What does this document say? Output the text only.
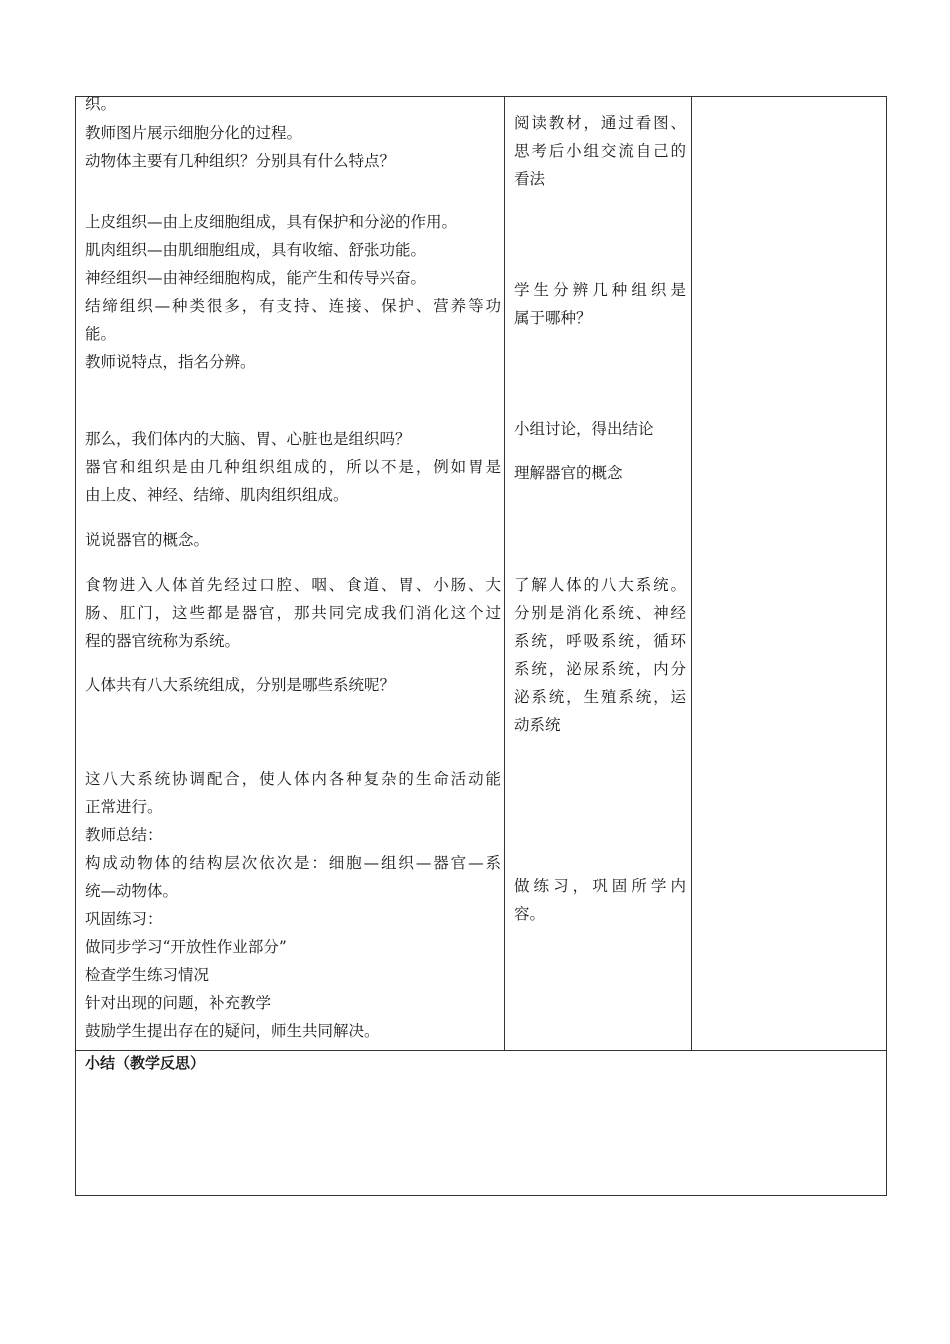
织。
教师图片展示细胞分化的过程。
动物体主要有几种组织？分别具有什么特点？
上皮组织—由上皮细胞组成，具有保护和分泌的作用。
肌肉组织—由肌细胞组成，具有收缩、舒张功能。
神经组织—由神经细胞构成，能产生和传导兴奋。
结缔组织—种类很多，有支持、连接、保护、营养等功
能。
教师说特点，指名分辨。
那么，我们体内的大脑、胃、心脏也是组织吗？
器官和组织是由几种组织组成的，所以不是，例如胃是
由上皮、神经、结缔、肌肉组织组成。
说说器官的概念。
食物进入人体首先经过口腔、咽、食道、胃、小肠、大
肠、肛门，这些都是器官，那共同完成我们消化这个过
程的器官统称为系统。
人体共有八大系统组成，分别是哪些系统呢？
这八大系统协调配合，使人体内各种复杂的生命活动能
正常进行。
教师总结：
构成动物体的结构层次依次是：细胞—组织—器官—系
统—动物体。
巩固练习：
做同步学习“开放性作业部分”
检查学生练习情况
针对出现的问题，补充教学
鼓励学生提出存在的疑问，师生共同解决。
阅读教材，通过看图、
思考后小组交流自己的
看法
学生分辨几种组织是
属于哪种？
小组讨论，得出结论
理解器官的概念
了解人体的八大系统。
分别是消化系统、神经
系统，呼吸系统，循环
系统，泌尿系统，内分
泌系统，生殖系统，运
动系统
做练习，巩固所学内
容。
小结（教学反思）
